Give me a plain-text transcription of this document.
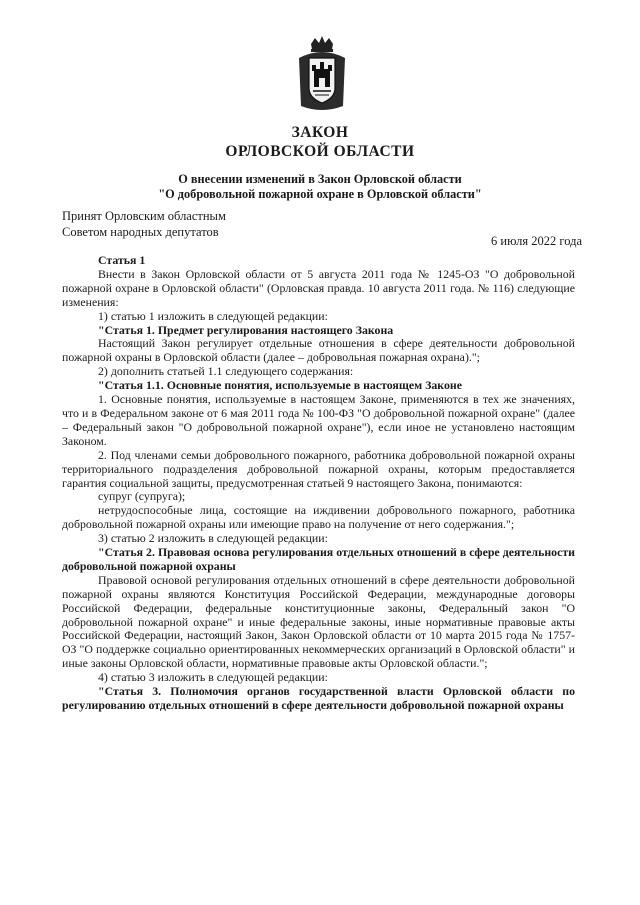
ЗАКОН
ОРЛОВСКОЙ ОБЛАСТИ
О внесении изменений в Закон Орловской области
"О добровольной пожарной охране в Орловской области"
Принят Орловским областным
Советом народных депутатов
6 июля 2022 года

Статья 1

Внести в Закон Орловской области от 5 августа 2011 года № 1245-ОЗ "О добровольной пожарной охране в Орловской области" (Орловская правда. 10 августа 2011 года. № 116) следующие изменения:

1) статью 1 изложить в следующей редакции:

"Статья 1. Предмет регулирования настоящего Закона

Настоящий Закон регулирует отдельные отношения в сфере деятельности добровольной пожарной охраны в Орловской области (далее – добровольная пожарная охрана).";

2) дополнить статьей 1.1 следующего содержания:

"Статья 1.1. Основные понятия, используемые в настоящем Законе

1. Основные понятия, используемые в настоящем Законе, применяются в тех же значениях, что и в Федеральном законе от 6 мая 2011 года № 100-ФЗ "О добровольной пожарной охране" (далее – Федеральный закон "О добровольной пожарной охране"), если иное не установлено настоящим Законом.

2. Под членами семьи добровольного пожарного, работника добровольной пожарной охраны территориального подразделения добровольной пожарной охраны, которым предоставляется гарантия социальной защиты, предусмотренная статьей 9 настоящего Закона, понимаются:

супруг (супруга);

нетрудоспособные лица, состоящие на иждивении добровольного пожарного, работника добровольной пожарной охраны или имеющие право на получение от него содержания.";

3) статью 2 изложить в следующей редакции:

"Статья 2. Правовая основа регулирования отдельных отношений в сфере деятельности добровольной пожарной охраны

Правовой основой регулирования отдельных отношений в сфере деятельности добровольной пожарной охраны являются Конституция Российской Федерации, международные договоры Российской Федерации, федеральные конституционные законы, Федеральный закон "О добровольной пожарной охране" и иные федеральные законы, иные нормативные правовые акты Российской Федерации, настоящий Закон, Закон Орловской области от 10 марта 2015 года № 1757-ОЗ "О поддержке социально ориентированных некоммерческих организаций в Орловской области" и иные законы Орловской области, нормативные правовые акты Орловской области.";

4) статью 3 изложить в следующей редакции:

"Статья 3. Полномочия органов государственной власти Орловской области по регулированию отдельных отношений в сфере деятельности добровольной пожарной охраны
